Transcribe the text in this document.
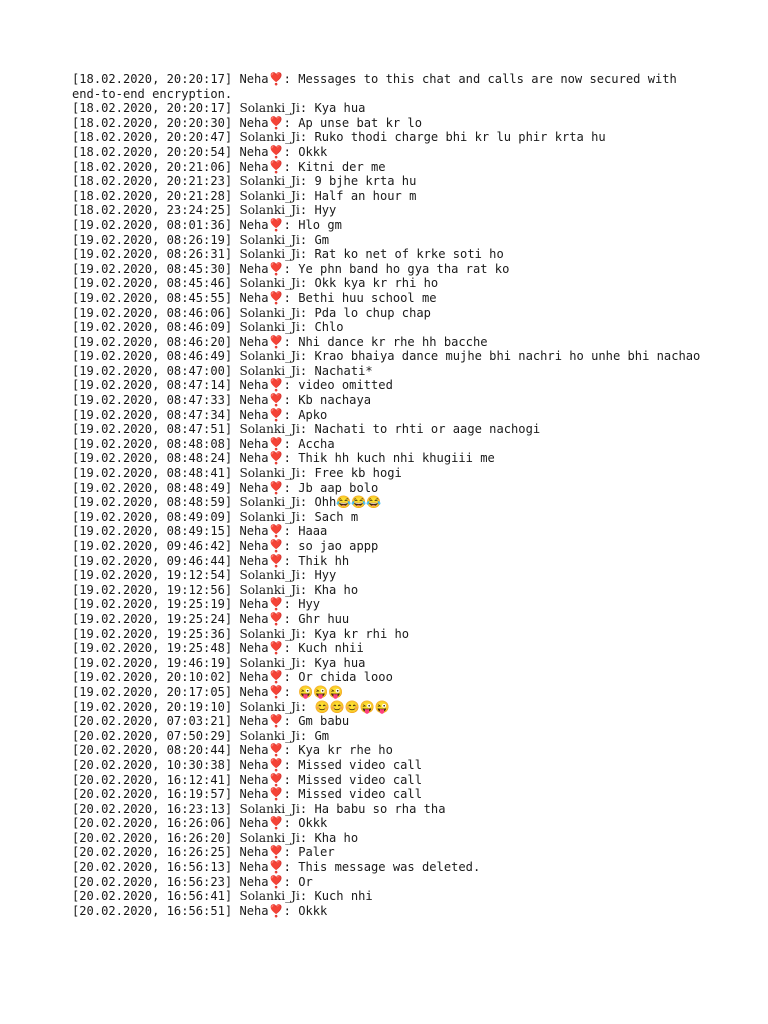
[18.02.2020, 20:20:17] Neha❣️: Messages to this chat and calls are now secured with end-to-end encryption.
[18.02.2020, 20:20:17] Solanki_Ji: Kya hua
[18.02.2020, 20:20:30] Neha❣️: Ap unse bat kr lo
[18.02.2020, 20:20:47] Solanki_Ji: Ruko thodi charge bhi kr lu phir krta hu
[18.02.2020, 20:20:54] Neha❣️: Okkk
[18.02.2020, 20:21:06] Neha❣️: Kitni der me
[18.02.2020, 20:21:23] Solanki_Ji: 9 bjhe krta hu
[18.02.2020, 20:21:28] Solanki_Ji: Half an hour m
[18.02.2020, 23:24:25] Solanki_Ji: Hyy
[19.02.2020, 08:01:36] Neha❣️: Hlo gm
[19.02.2020, 08:26:19] Solanki_Ji: Gm
[19.02.2020, 08:26:31] Solanki_Ji: Rat ko net of krke soti ho
[19.02.2020, 08:45:30] Neha❣️: Ye phn band ho gya tha rat ko
[19.02.2020, 08:45:46] Solanki_Ji: Okk kya kr rhi ho
[19.02.2020, 08:45:55] Neha❣️: Bethi huu school me
[19.02.2020, 08:46:06] Solanki_Ji: Pda lo chup chap
[19.02.2020, 08:46:09] Solanki_Ji: Chlo
[19.02.2020, 08:46:20] Neha❣️: Nhi dance kr rhe hh bacche
[19.02.2020, 08:46:49] Solanki_Ji: Krao bhaiya dance mujhe bhi nachri ho unhe bhi nachao
[19.02.2020, 08:47:00] Solanki_Ji: Nachati*
[19.02.2020, 08:47:14] Neha❣️: video omitted
[19.02.2020, 08:47:33] Neha❣️: Kb nachaya
[19.02.2020, 08:47:34] Neha❣️: Apko
[19.02.2020, 08:47:51] Solanki_Ji: Nachati to rhti or aage nachogi
[19.02.2020, 08:48:08] Neha❣️: Accha
[19.02.2020, 08:48:24] Neha❣️: Thik hh kuch nhi khugiii me
[19.02.2020, 08:48:41] Solanki_Ji: Free kb hogi
[19.02.2020, 08:48:49] Neha❣️: Jb aap bolo
[19.02.2020, 08:48:59] Solanki_Ji: Ohh😂😂😂
[19.02.2020, 08:49:09] Solanki_Ji: Sach m
[19.02.2020, 08:49:15] Neha❣️: Haaa
[19.02.2020, 09:46:42] Neha❣️: so jao appp
[19.02.2020, 09:46:44] Neha❣️: Thik hh
[19.02.2020, 19:12:54] Solanki_Ji: Hyy
[19.02.2020, 19:12:56] Solanki_Ji: Kha ho
[19.02.2020, 19:25:19] Neha❣️: Hyy
[19.02.2020, 19:25:24] Neha❣️: Ghr huu
[19.02.2020, 19:25:36] Solanki_Ji: Kya kr rhi ho
[19.02.2020, 19:25:48] Neha❣️: Kuch nhii
[19.02.2020, 19:46:19] Solanki_Ji: Kya hua
[19.02.2020, 20:10:02] Neha❣️: Or chida looo
[19.02.2020, 20:17:05] Neha❣️: 😜😜😜
[19.02.2020, 20:19:10] Solanki_Ji: 😊😊😊😜😜
[20.02.2020, 07:03:21] Neha❣️: Gm babu
[20.02.2020, 07:50:29] Solanki_Ji: Gm
[20.02.2020, 08:20:44] Neha❣️: Kya kr rhe ho
[20.02.2020, 10:30:38] Neha❣️: Missed video call
[20.02.2020, 16:12:41] Neha❣️: Missed video call
[20.02.2020, 16:19:57] Neha❣️: Missed video call
[20.02.2020, 16:23:13] Solanki_Ji: Ha babu so rha tha
[20.02.2020, 16:26:06] Neha❣️: Okkk
[20.02.2020, 16:26:20] Solanki_Ji: Kha ho
[20.02.2020, 16:26:25] Neha❣️: Paler
[20.02.2020, 16:56:13] Neha❣️: This message was deleted.
[20.02.2020, 16:56:23] Neha❣️: Or
[20.02.2020, 16:56:41] Solanki_Ji: Kuch nhi
[20.02.2020, 16:56:51] Neha❣️: Okkk
